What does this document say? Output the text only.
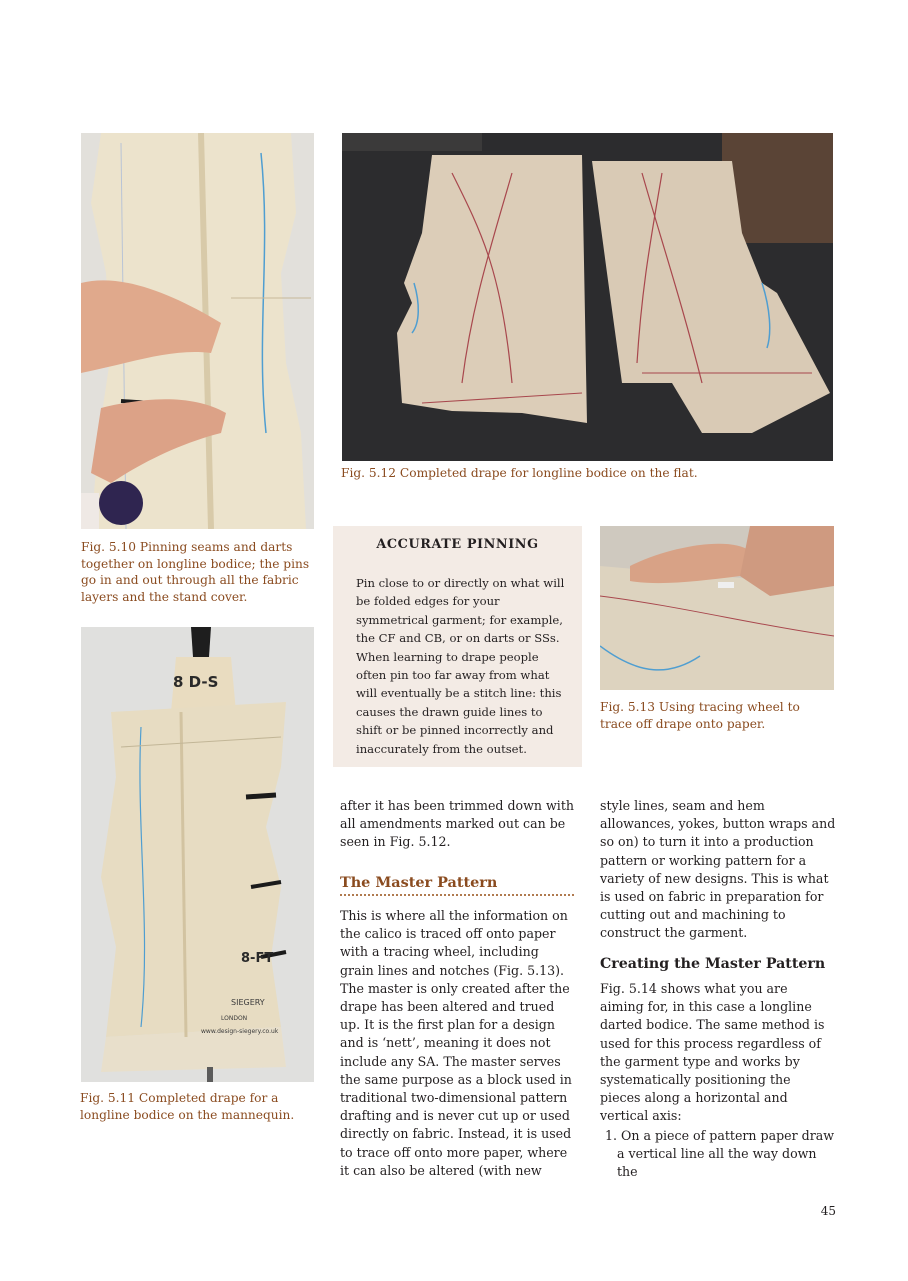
8 D-S
8-FT
SIEGERY
LONDON
www.design-siegery.co.uk
Fig. 5.10 Pinning seams and darts together on longline bodice; the pins go in and out through all the fabric layers and the stand cover.
Fig. 5.12 Completed drape for longline bodice on the flat.
Fig. 5.13 Using tracing wheel to trace off drape onto paper.
Fig. 5.11 Completed drape for a longline bodice on the mannequin.
ACCURATE PINNING
Pin close to or directly on what will be folded edges for your symmetrical garment; for example, the CF and CB, or on darts or SSs. When learning to drape people often pin too far away from what will eventually be a stitch line: this causes the drawn guide lines to shift or be pinned incorrectly and inaccurately from the outset.
after it has been trimmed down with all amendments marked out can be seen in Fig. 5.12.
The Master Pattern
This is where all the information on the calico is traced off onto paper with a tracing wheel, including grain lines and notches (Fig. 5.13). The master is only created after the drape has been altered and trued up. It is the first plan for a design and is ‘nett’, meaning it does not include any SA. The master serves the same purpose as a block used in traditional two-dimensional pattern drafting and is never cut up or used directly on fabric. Instead, it is used to trace off onto more paper, where it can also be altered (with new
style lines, seam and hem allowances, yokes, button wraps and so on) to turn it into a production pattern or working pattern for a variety of new designs. This is what is used on fabric in preparation for cutting out and machining to construct the garment.
Creating the Master Pattern
Fig. 5.14 shows what you are aiming for, in this case a longline darted bodice. The same method is used for this process regardless of the garment type and works by systematically positioning the pieces along a horizontal and vertical axis:
1. On a piece of pattern paper draw a vertical line all the way down the
45
